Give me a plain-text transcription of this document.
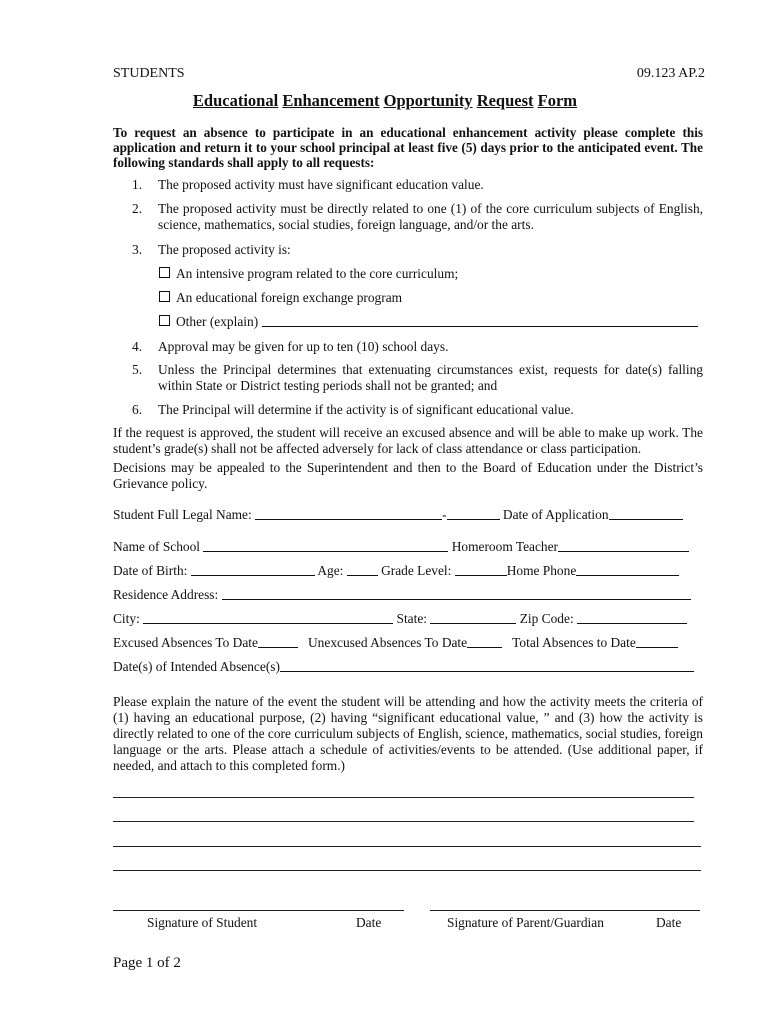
STUDENTS	09.123 AP.2
Educational Enhancement Opportunity Request Form
To request an absence to participate in an educational enhancement activity please complete this application and return it to your school principal at least five (5) days prior to the anticipated event. The following standards shall apply to all requests:
1. The proposed activity must have significant education value.
2. The proposed activity must be directly related to one (1) of the core curriculum subjects of English, science, mathematics, social studies, foreign language, and/or the arts.
3. The proposed activity is:
An intensive program related to the core curriculum;
An educational foreign exchange program
Other (explain)
4. Approval may be given for up to ten (10) school days.
5. Unless the Principal determines that extenuating circumstances exist, requests for date(s) falling within State or District testing periods shall not be granted; and
6. The Principal will determine if the activity is of significant educational value.
If the request is approved, the student will receive an excused absence and will be able to make up work. The student’s grade(s) shall not be affected adversely for lack of class attendance or class participation.
Decisions may be appealed to the Superintendent and then to the Board of Education under the District’s Grievance policy.
Student Full Legal Name:	-	Date of Application
Name of School	Homeroom Teacher
Date of Birth:	Age:	Grade Level:	Home Phone
Residence Address:
City:	State:	Zip Code:
Excused Absences To Date	Unexcused Absences To Date	Total Absences to Date
Date(s) of Intended Absence(s)
Please explain the nature of the event the student will be attending and how the activity meets the criteria of (1) having an educational purpose, (2) having “significant educational value, ” and (3) how the activity is directly related to one of the core curriculum subjects of English, science, mathematics, social studies, foreign language or the arts. Please attach a schedule of activities/events to be attended. (Use additional paper, if needed, and attach to this completed form.)
Signature of Student	Date	Signature of Parent/Guardian	Date
Page 1 of 2
